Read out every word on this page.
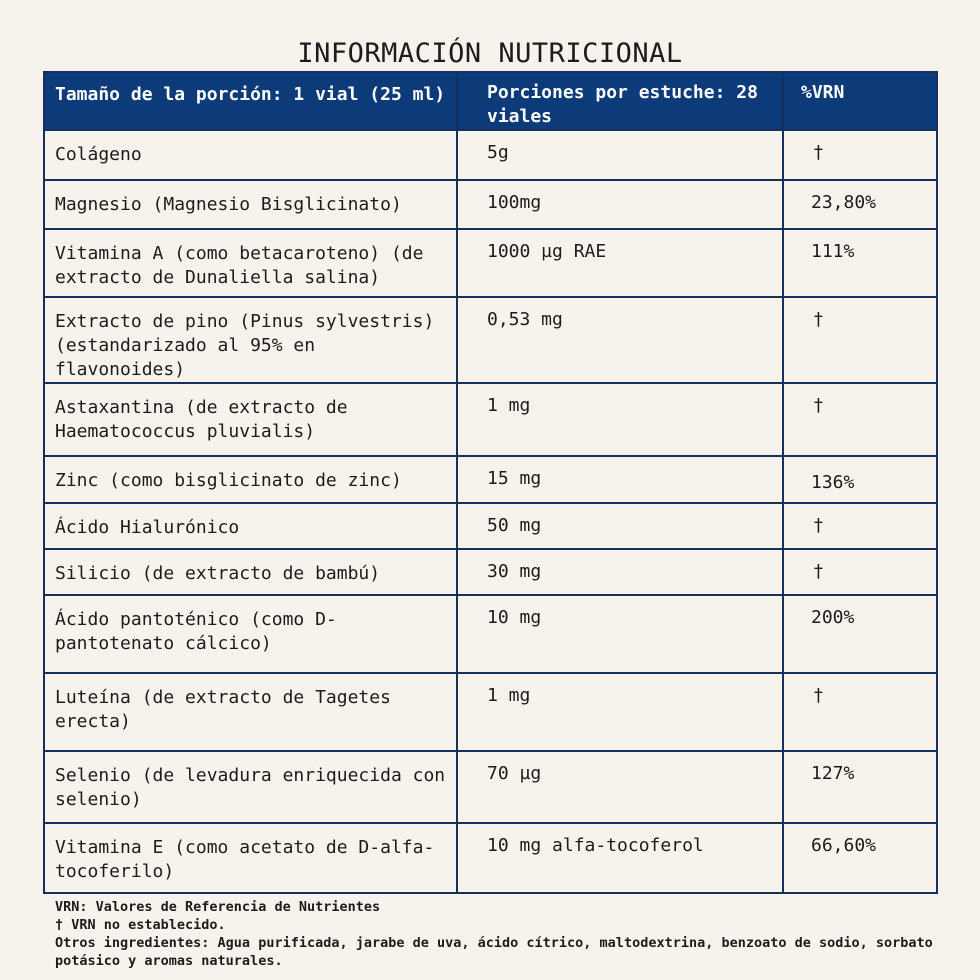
INFORMACIÓN NUTRICIONAL
Tamaño de la porción: 1 vial (25 ml)	Porciones por estuche: 28 viales	%VRN

Colágeno	5g	†

Magnesio (Magnesio Bisglicinato)	100mg	23,80%

Vitamina A (como betacaroteno) (de extracto de Dunaliella salina)	1000 µg RAE	111%

Extracto de pino (Pinus sylvestris) (estandarizado al 95% en flavonoides)	0,53 mg	†

Astaxantina (de extracto de Haematococcus pluvialis)	1 mg	†

Zinc (como bisglicinato de zinc)	15 mg	136%

Ácido Hialurónico	50 mg	†

Silicio (de extracto de bambú)	30 mg	†

Ácido pantoténico (como D-pantotenato cálcico)	10 mg	200%

Luteína (de extracto de Tagetes erecta)	1 mg	†

Selenio (de levadura enriquecida con selenio)	70 µg	127%

Vitamina E (como acetato de D-alfa-tocoferilo)	10 mg alfa-tocoferol	66,60%
VRN: Valores de Referencia de Nutrientes
† VRN no establecido.
Otros ingredientes: Agua purificada, jarabe de uva, ácido cítrico, maltodextrina, benzoato de sodio, sorbato potásico y aromas naturales.
